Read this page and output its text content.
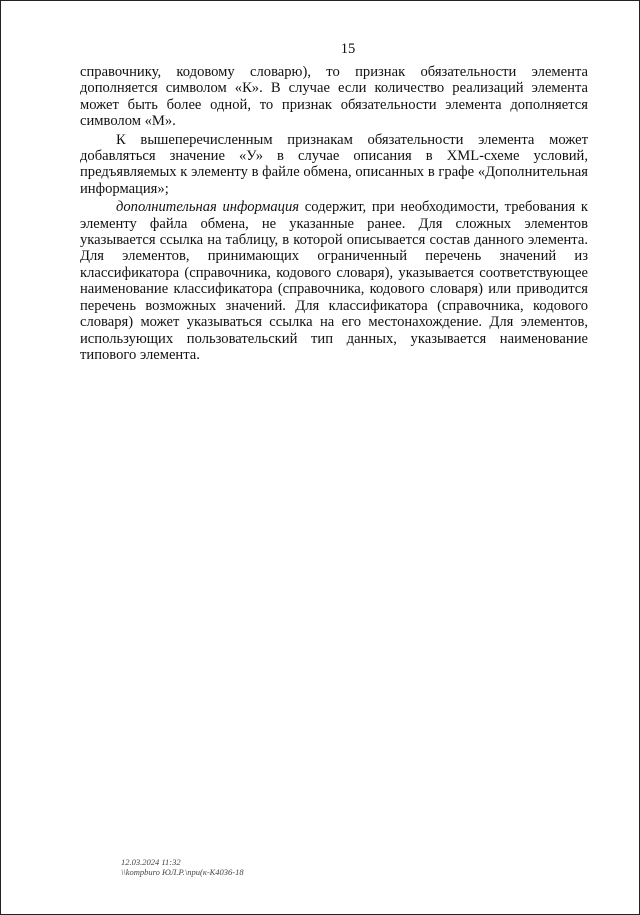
15

справочнику, кодовому словарю), то признак обязательности элемента дополняется символом «К». В случае если количество реализаций элемента может быть более одной, то признак обязательности элемента дополняется символом «М».

К вышеперечисленным признакам обязательности элемента может добавляться значение «У» в случае описания в XML-схеме условий, предъявляемых к элементу в файле обмена, описанных в графе «Дополнительная информация»;

дополнительная информация содержит, при необходимости, требования к элементу файла обмена, не указанные ранее. Для сложных элементов указывается ссылка на таблицу, в которой описывается состав данного элемента. Для элементов, принимающих ограниченный перечень значений из классификатора (справочника, кодового словаря), указывается соответствующее наименование классификатора (справочника, кодового словаря) или приводится перечень возможных значений. Для классификатора (справочника, кодового словаря) может указываться ссылка на его местонахождение. Для элементов, использующих пользовательский тип данных, указывается наименование типового элемента.

12.03.2024 11:32
\\kompburo ЮЛ.Р.\nри(к-К4036-18
